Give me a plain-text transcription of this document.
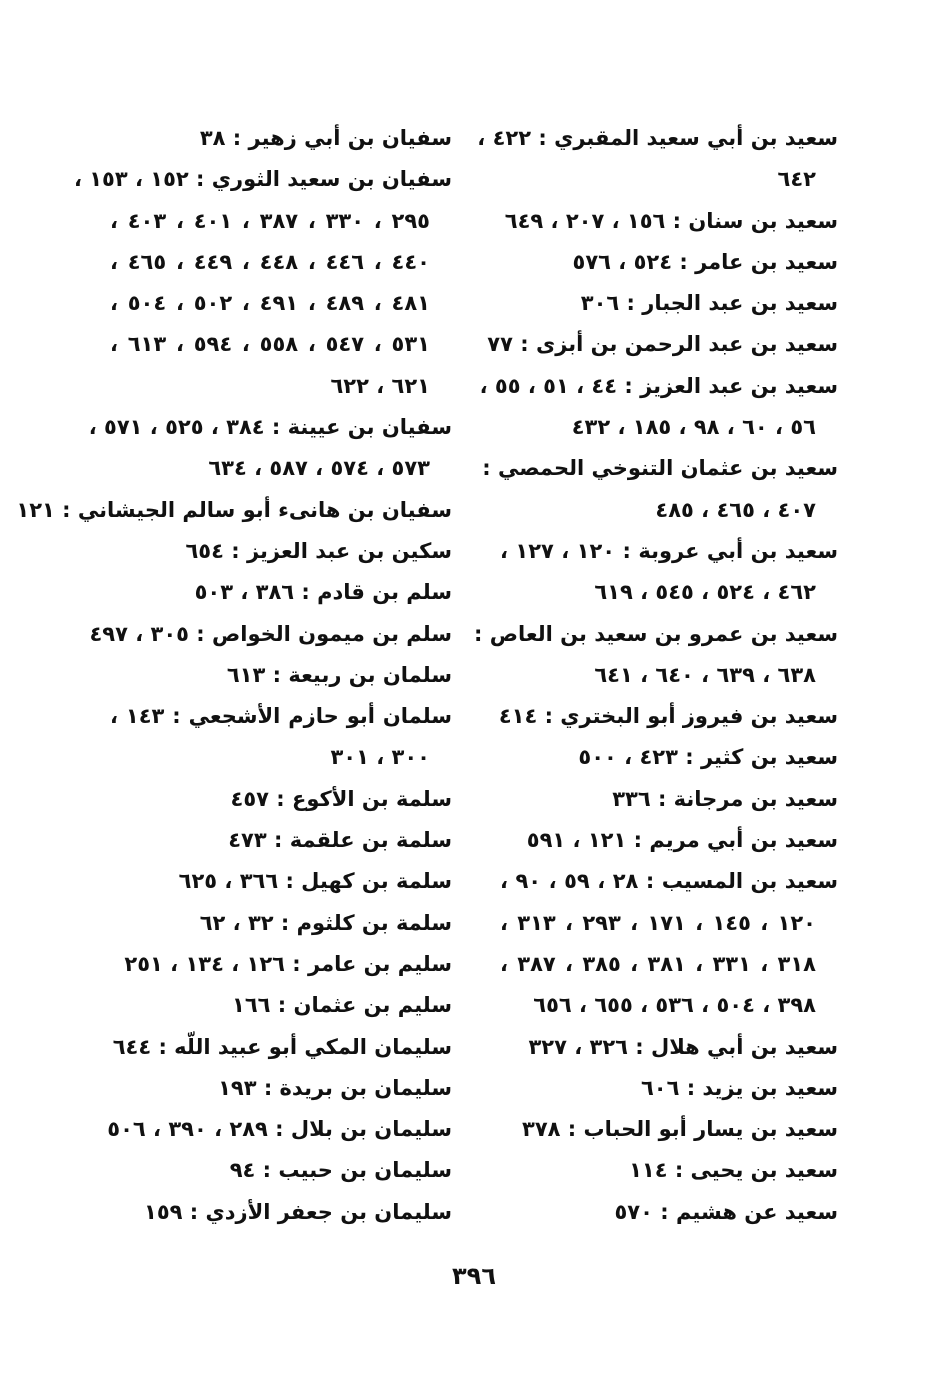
سعيد بن أبي سعيد المقبري : ٤٢٢ ،
٦٤٢
سعيد بن سنان : ١٥٦ ، ٢٠٧ ، ٦٤٩
سعيد بن عامر : ٥٢٤ ، ٥٧٦
سعيد بن عبد الجبار : ٣٠٦
سعيد بن عبد الرحمن بن أبزى : ٧٧
سعيد بن عبد العزيز : ٤٤ ، ٥١ ، ٥٥ ،
٥٦ ، ٦٠ ، ٩٨ ، ١٨٥ ، ٤٣٢
سعيد بن عثمان التنوخي الحمصي :
٤٠٧ ، ٤٦٥ ، ٤٨٥
سعيد بن أبي عروبة : ١٢٠ ، ١٢٧ ،
٤٦٢ ، ٥٢٤ ، ٥٤٥ ، ٦١٩
سعيد بن عمرو بن سعيد بن العاص :
٦٣٨ ، ٦٣٩ ، ٦٤٠ ، ٦٤١
سعيد بن فيروز أبو البختري : ٤١٤
سعيد بن كثير : ٤٢٣ ، ٥٠٠
سعيد بن مرجانة : ٣٣٦
سعيد بن أبي مريم : ١٢١ ، ٥٩١
سعيد بن المسيب : ٢٨ ، ٥٩ ، ٩٠ ،
١٢٠ ، ١٤٥ ، ١٧١ ، ٢٩٣ ، ٣١٣ ،
٣١٨ ، ٣٣١ ، ٣٨١ ، ٣٨٥ ، ٣٨٧ ،
٣٩٨ ، ٥٠٤ ، ٥٣٦ ، ٦٥٥ ، ٦٥٦
سعيد بن أبي هلال : ٣٢٦ ، ٣٢٧
سعيد بن يزيد : ٦٠٦
سعيد بن يسار أبو الحباب : ٣٧٨
سعيد بن يحيى : ١١٤
سعيد عن هشيم : ٥٧٠
سفيان بن أبي زهير : ٣٨
سفيان بن سعيد الثوري : ١٥٢ ، ١٥٣ ،
٢٩٥ ، ٣٣٠ ، ٣٨٧ ، ٤٠١ ، ٤٠٣ ،
٤٤٠ ، ٤٤٦ ، ٤٤٨ ، ٤٤٩ ، ٤٦٥ ،
٤٨١ ، ٤٨٩ ، ٤٩١ ، ٥٠٢ ، ٥٠٤ ،
٥٣١ ، ٥٤٧ ، ٥٥٨ ، ٥٩٤ ، ٦١٣ ،
٦٢١ ، ٦٢٢
سفيان بن عيينة : ٣٨٤ ، ٥٢٥ ، ٥٧١ ،
٥٧٣ ، ٥٧٤ ، ٥٨٧ ، ٦٣٤
سفيان بن هانىء أبو سالم الجيشاني : ١٢١
سكين بن عبد العزيز : ٦٥٤
سلم بن قادم : ٣٨٦ ، ٥٠٣
سلم بن ميمون الخواص : ٣٠٥ ، ٤٩٧
سلمان بن ربيعة : ٦١٣
سلمان أبو حازم الأشجعي : ١٤٣ ،
٣٠٠ ، ٣٠١
سلمة بن الأكوع : ٤٥٧
سلمة بن علقمة : ٤٧٣
سلمة بن كهيل : ٣٦٦ ، ٦٢٥
سلمة بن كلثوم : ٣٢ ، ٦٢
سليم بن عامر : ١٢٦ ، ١٣٤ ، ٢٥١
سليم بن عثمان : ١٦٦
سليمان المكي أبو عبيد اللّه : ٦٤٤
سليمان بن بريدة : ١٩٣
سليمان بن بلال : ٢٨٩ ، ٣٩٠ ، ٥٠٦
سليمان بن حبيب : ٩٤
سليمان بن جعفر الأزدي : ١٥٩
٣٩٦
